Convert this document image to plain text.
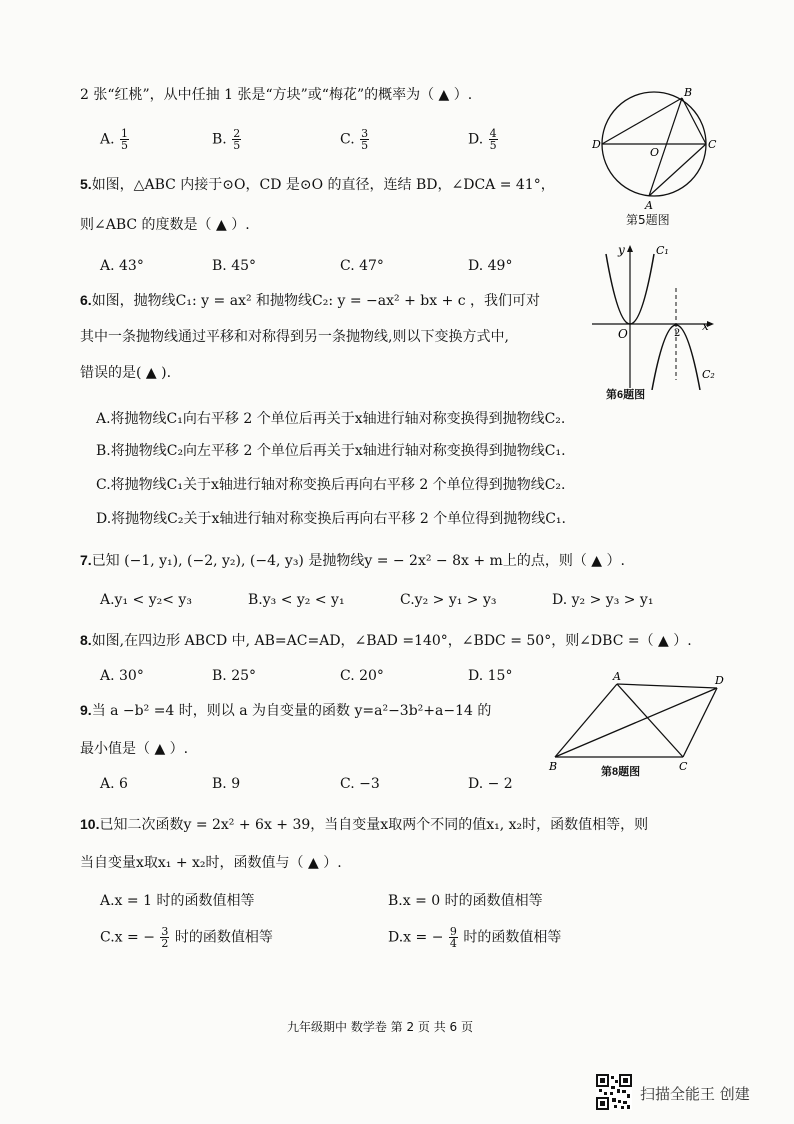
2 张“红桃”，从中任抽 1 张是“方块”或“梅花”的概率为（ ▲ ）.
A. $\frac{1}{5}$	B. $\frac{2}{5}$	C. $\frac{3}{5}$	D. $\frac{4}{5}$
5.如图，△ABC 内接于⊙O，CD 是⊙O 的直径，连结 BD，∠DCA = 41°，
则∠ABC 的度数是（ ▲ ）.
A. 43°	B. 45°	C. 47°	D. 49°
B
D
O
C
A
第5题图
6.如图，抛物线C₁: y = ax² 和抛物线C₂: y = −ax² + bx + c ，我们可对
其中一条抛物线通过平移和对称得到另一条抛物线,则以下变换方式中,
错误的是( ▲ ).
A.将抛物线C₁向右平移 2 个单位后再关于x轴进行轴对称变换得到抛物线C₂.
B.将抛物线C₂向左平移 2 个单位后再关于x轴进行轴对称变换得到抛物线C₁.
C.将抛物线C₁关于x轴进行轴对称变换后再向右平移 2 个单位得到抛物线C₂.
D.将抛物线C₂关于x轴进行轴对称变换后再向右平移 2 个单位得到抛物线C₁.
y	C₁
x
O	2
C₂
第6题图
7.已知 (−1, y₁), (−2, y₂), (−4, y₃) 是抛物线y = − 2x² − 8x + m上的点，则（ ▲ ）.
A.y₁ < y₂< y₃	B.y₃ < y₂ < y₁	C.y₂ > y₁ > y₃	D. y₂ > y₃ > y₁
8.如图,在四边形 ABCD 中, AB=AC=AD，∠BAD =140°，∠BDC = 50°，则∠DBC =（ ▲ ）.
A. 30°	B. 25°	C. 20°	D. 15°	A	D
B	C
第8题图
9.当 a −b² =4 时，则以 a 为自变量的函数 y=a²−3b²+a−14 的
最小值是（ ▲ ）.
A. 6	B. 9	C. −3	D. − 2
10.已知二次函数y = 2x² + 6x + 39，当自变量x取两个不同的值x₁, x₂时，函数值相等，则
当自变量x取x₁ + x₂时，函数值与（ ▲ ）.
A.x = 1 时的函数值相等	B.x = 0 时的函数值相等
C.x = − $\frac{3}{2}$ 时的函数值相等	D.x = − $\frac{9}{4}$ 时的函数值相等
九年级期中 数学卷 第 2 页 共 6 页
扫描全能王 创建
